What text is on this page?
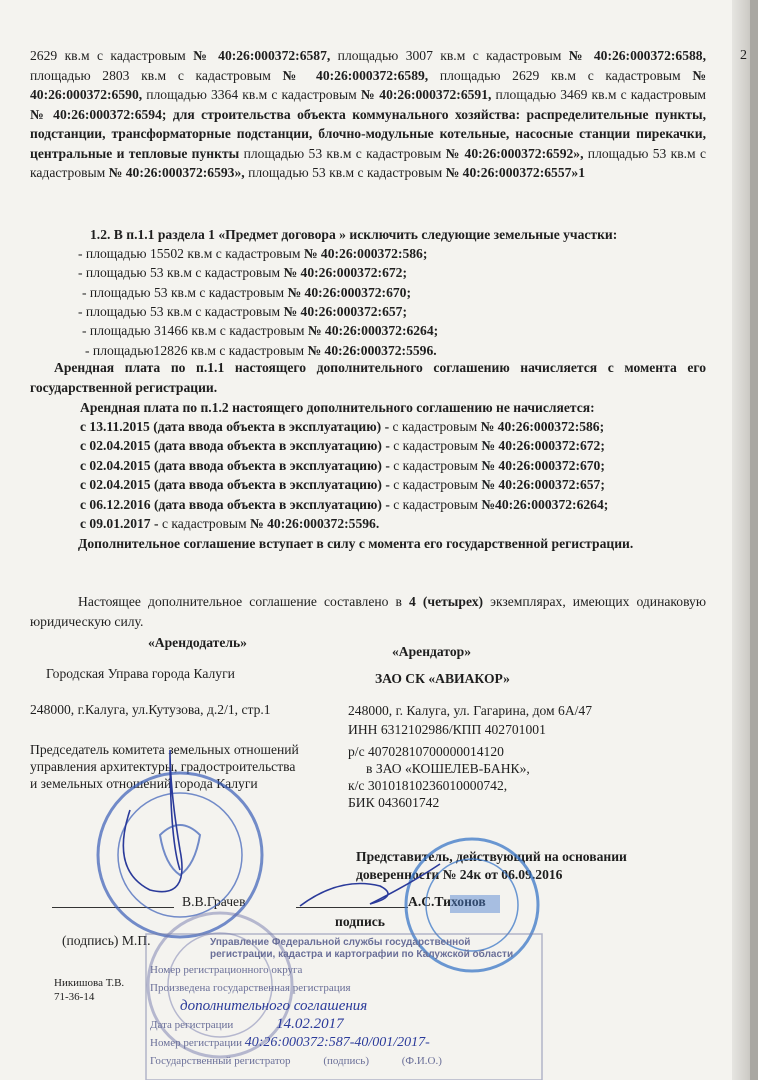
2
2629 кв.м с кадастровым № 40:26:000372:6587, площадью 3007 кв.м с кадастровым № 40:26:000372:6588, площадью 2803 кв.м с кадастровым № 40:26:000372:6589, площадью 2629 кв.м с кадастровым № 40:26:000372:6590, площадью 3364 кв.м с кадастровым № 40:26:000372:6591, площадью 3469 кв.м с кадастровым № 40:26:000372:6594; для строительства объекта коммунального хозяйства: распределительные пункты, подстанции, трансформаторные подстанции, блочно-модульные котельные, насосные станции пирекачки, центральные и тепловые пункты площадью 53 кв.м с кадастровым № 40:26:000372:6592», площадью 53 кв.м с кадастровым № 40:26:000372:6593», площадью 53 кв.м с кадастровым № 40:26:000372:6557»1
1.2. В п.1.1 раздела 1 «Предмет договора » исключить следующие земельные участки:
- площадью 15502 кв.м с кадастровым № 40:26:000372:586;
- площадью 53 кв.м с кадастровым № 40:26:000372:672;
- площадью 53 кв.м с кадастровым № 40:26:000372:670;
- площадью 53 кв.м с кадастровым № 40:26:000372:657;
- площадью 31466 кв.м с кадастровым № 40:26:000372:6264;
- площадью12826 кв.м с кадастровым № 40:26:000372:5596.
Арендная плата по п.1.1 настоящего дополнительного соглашению начисляется с момента его государственной регистрации.
Арендная плата по п.1.2 настоящего дополнительного соглашению не начисляется:
с 13.11.2015 (дата ввода объекта в эксплуатацию) - с кадастровым № 40:26:000372:586;
с 02.04.2015 (дата ввода объекта в эксплуатацию) - с кадастровым № 40:26:000372:672;
с 02.04.2015 (дата ввода объекта в эксплуатацию) - с кадастровым № 40:26:000372:670;
с 02.04.2015 (дата ввода объекта в эксплуатацию) - с кадастровым № 40:26:000372:657;
с 06.12.2016 (дата ввода объекта в эксплуатацию) - с кадастровым №40:26:000372:6264;
с 09.01.2017 - с кадастровым № 40:26:000372:5596.
Дополнительное соглашение вступает в силу с момента его государственной регистрации.
Настоящее дополнительное соглашение составлено в 4 (четырех) экземплярах, имеющих одинаковую юридическую силу.
«Арендодатель»
Городская Управа города Калуги
248000, г.Калуга, ул.Кутузова, д.2/1, стр.1
Председатель комитета земельных отношений
управления архитектуры, градостроительства
и земельных отношений города Калуги
В.В.Грачев
(подпись) М.П.
«Арендатор»
ЗАО СК «АВИАКОР»
248000, г. Калуга, ул. Гагарина, дом 6А/47
ИНН 6312102986/КПП 402701001
р/с 40702810700000014120
в ЗАО «КОШЕЛЕВ-БАНК»,
к/с 30101810236010000742,
БИК 043601742
Представитель, действующий на основании
доверенности № 24к от 06.09.2016
А.С.Тихонов
подпись
Никишова Т.В.
71-36-14
Управление Федеральной службы государственной регистрации, кадастра и картографии по Калужской области
Номер регистрационного округа
Произведена государственная регистрация
дополнительного соглашения
Дата регистрации	14.02.2017
Номер регистрации 40:26:000372:587-40/001/2017-
Государственный регистратор	(подпись)	(Ф.И.О.)
